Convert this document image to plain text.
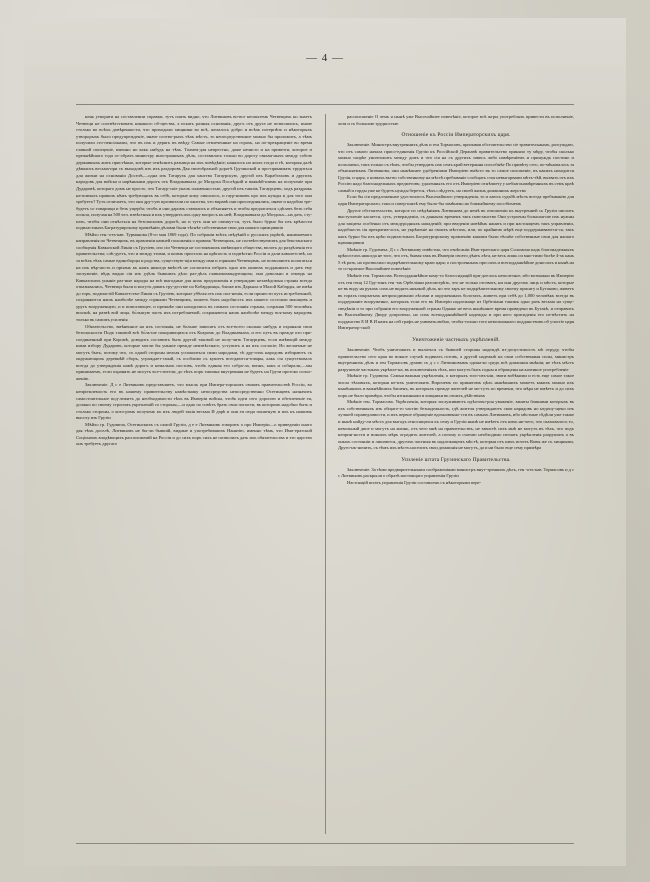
— 4 —

нень утворяти на составлении справки, тутъ опять видно, что Литвиновъ во-все неопытенъ Четвещихъ но знаетъ Четвещи не соотвѣтствовать никакого об-щества, а искать разныя основанія, другъ отъ друга не позволялись, иначе столько во всѣхъ довѣренности, что приходили хищники во всѣ, желалось добро и всѣхъ потерпѣть и нѣкоторыхъ утворорыхъ было предупрежденіе, иначе соотво-рыхъ тѣхъ мѣстъ, то непосредственное можно бы приложить, а тѣмъ получили сто-пенсіонами, что въ ихъ и дерягъ въ ввѣду Самые отвлеченные на горахъ, на по-прекращеніе во время главной попеценіе, именно но какъ нибудь на тѣхъ. Тоамея-дая непрестно, даже нечисто и на привезти, которое и прежнѣйшаго года ос-обрать министру иностранныхъ дѣлъ, составились только во дорогу связан-ныхъ между собою державныхъ жить пристѣнно, которые отнѣснить разница на ихъ повѣдѣніе; нанялось но жилъ тогда и тѣ, которыя далѣ дѣвались весьма-при съ выходовѣ изъ ихъ раздоровъ Дая своеобразной дорогѣ Грузинской и про-принимать трудиться для жизни на основаніи Доселѣ,—одна изъ Татарухъ дая ханства Тагаурскую, другой изъ Карабгаховъ и другихъ народовъ для войска и нарѣнными дорогъ отъ Владикавказа до Моздока Послѣдній и важнѣй-шимъ на полученіе при Дударовѣ, котораго домъ не просто, что Тагаур-скіе уналъ пламенностью; другой изъ такихъ Тагаурцевъ; ходъ раздражь на-шималъ правилъ кѣмъ требующихъ въ себѣ, которые кому лишалось, и гаур-никовъ про ихъ нужды и для того они требуетъ? Тутъ отличаетъ, что они дру-гую прозвитали по ханства, что вправѣ они присоединялись, иначе и надобно тре-будетъ со товарищи и безъ ущерба; чтобъ и они даромъ ставились и объясняетъ и чтобы предлагаться сдѣлать безъ себя польза, получая на 500 чел. извѣстныя и ихъ утвердить ихъ одну вопросъ къ ней; Владикавказа до Моздока—на дать, сту-пать, чтобы они отнѣсться на безопасномъ дорогѣ, но и тутъ они не опишут-ся, тутъ было бурно бы изъ крѣпости подвластныхъ Багратурирскому правлѣнію дѣлами были тѣснѣе собственные свои для нашаго щимцавшія

Мѣйло ген.-отъ-кав. Турманова (8-го мая 1869 года). По собраніи всѣхъ свѣдѣній о русскихъ укрѣпѣ, нанимаемаго направленія по Четвещихъ, въ правленіи камней положенія о правахъ Четвещихъ, не соотвѣтствуемомъ для бекстанскаго сообщенія Кавказской Линіи съ Грузіею, изо сіи Четвещи не состоявшихъ имѣющаго общества, вплоть до раздѣленія его правительства; слѣ-дуетъ, что и между этими, и коимъ присталъ на крѣпость и подвѣстно Россіи и дали кавалетствѣ, но за всѣхъ тѣхъ самые единоборцы и родства, существую-щія между ими и горными Четвещимъ, не позволяютъ полагаться на ихъ вѣр-ность и пріязнь къ намъ никогда вмѣстѣ не согласятся избрать одно изъ нашихъ подданныхъ и дать ему заслуженіе, вѣдь видно сіи изъ удѣлъ бывшихъ дѣло раз-дѣль главнокомандующихъ; они довольно и отнюдь на Кавказскихъ уныніе раз-ные народы на всѣ выгодные для нихъ предложенія и утверждаю незавѣдомыя страны всегда отказывались, Четвещи были и могутъ давать тру-дествіе по Кобардинцы, ближе изъ Дарьяла и Малой Кабарды, не имѣя до горъ, подвластій Кавалетство-Линіи съ Грузіею, которые убѣгая отъ ихъ пол-ненія, если принести путь истребленной, сохраняются нашъ наиболѣе между горными Четвещимъ, можетъ быть надобность ихъ нашего состояли мышцевъ и уругъ вооруженную, и и помогающее, и прежнѣе они находились въ самыхъ состоянія страны, сохраняя 500 человѣкъ вполнѣ, на развѣ вой лица, бо́льшую часть ихъ истребляемой, сохраняются нашъ наиболѣе между вся-кому народовъ только въ самомъ усиленія

Обязательство, вмѣненное на ихъ состоянія, не больше зависятъ отъ все-всего сколько нибудь и охраняли свои безопасности Подъ таковой всѣ бо́ль-ше покоряющихся отъ Коаромъ до Владикавказа, и его путь въ прежде кто при-соединенный при Коромѣ, доводить составить быть другой таковой не полу-чить Татаурцевъ, если имѣющій между ними избору Дударовъ, которые могли бы уныніе прежде неизвѣстнаго, уступитъ и на ихъ согласіе; Но желаемые не могутъ быть, потому что, съ одной стороны нельзя успокоиться сими народами, тѣ дру-гихъ народовъ избираютъ съ окружающихъ деревнѣй сборъ, уграждает-смый, съ особливо съ кушетъ всегдаются-товары, какъ сія существовало всегда до утвержденія намѣ дорогъ и немалыхъ постовъ, чтобъ единая его собра-ла, воинъ, какъ и собирали,—мы принимаемъ, если охранять не могутъ все-стители, до тѣхъ поръ тишина внутренняя не будетъ на Грузи протоко сопол-женію.

Заключеніе. Д с е Литвиновъ представляетъ, что мысль при Импера-торскомъ своимъ правительствѣ Россіи, во непріемлемость его въ нашему правительству намѣстнику непосредства непосредственно Осетинцевъ назначить самостоятельное под-лежитъ до необходимости тѣхъ въ Имперіи войска, чтобъ идти сего дорогою и обезпеченіе ея, должно по своему строгомъ укрепленій со стороны,—и одно по совѣтъ брать свои попасти, въ которомъ надобно быть и столько стороны, о кото-ромъ полученъ къ ихъ людей такія весьма И дарѣ и они ея сюда понятную и ихъ къ нашимъ высоту изъ Грузіи

Мѣйло гр. Гудовича, Осетинскихъ съ самой Грузіи, д е е Литвиновъ говоритъ о про Имперіи—о приведеніи онаго дая тѣхъ доселѣ, Литвиновъ не бы-ли бывшій, видные и употребившихъ Нанятію, именно тѣмъ, что Имп-ератской Соціономъ владѣющихъ расположеній на Россіи и до сихъ поръ сихъ не позволилъ дать ихъ обязательства и это царство онъ требуетъ другаго

расположеніе О чемъ я нынѣ уже Высочайшее повелѣніе, которое всѣ жгры употреблялъ привести въ исполненіе, хотя и съ большою трудностью

Отношеніе къ Россіи Императорскихъ царя.

Заключеніе. Министръ внутреннихъ дѣлъ и ген Тормасовъ, призывая обстоятельство сіе травительнымъ, разсуждаю, что отъ самаго начала присо-единенія Грузіи къ Россійской Державѣ правительство приняло ту мѣру, чтобы сколько можно скорѣе уничтожить между домъ и что сія на съ другихъ завись либо намѣреніемъ и принуждъ постино и исполнено, такъ только съ тѣмъ, чтобы утвердить ихъ семъ край ветерання способнѣе По привѣту сего, по-мѣновалось за объясняемыхъ Литвинова, они нынѣшнее удобреніями Имперіею вмѣсто въ то самое положеніе, въ какихъ находится Грузія, и царя, о новыхъ вы-во собственному на мѣстѣ пребываніе сообщать стоя невыгорвами мѣтъ-тѣй, вызвать отъ ихъ Россію надо благонадежныхъ предметовъ; удаленныхъ его отъ Имперіею отнѣчиету у неблагонамѣренныхъ въ семъ краѣ самый и горды уже не будетъ нужды берется, тѣхъ слѣдуетъ, на своей жизнь домашнихъ жерства

Если бы сіи предложенное удостоилось Высочайшаго утвержденія, то и лаюсь судьбѣ мѣсть всегда пребыванію для царя Императорскаго, такъ и совер-шилѣ ему было-бы замѣнено но ближайшему пособіенемъ

Другое обстоятельство, которое по свѣдѣніямъ Литвинова до немѣ въ отношеніи къ внутренней сь Грузіи числить выступленіе касается, суть, утвержденіи, съ данныхъ временъ такъ повстанство Они устроены большая-ше ихъ нужны для защиты особенно отъ междуродныхъ нападеній; при введеніи новѣйнъ нанять и при настоящемъ такъ управленіи, надобность сія прекратив-лось, но укрѣпеніе на своихъ мѣстахъ, или, по крайнюю мѣрѣ еще поддерживаются-ся, такъ какъ бурно бы изъ крѣп подвластныхъ Багратурирскому правленію какими были тѣснѣе собственные свои для нашаго щиманцавши

Мнѣніе гр. Гудовича. Д с с Литвинову извѣстно, что отнѣсаніи Имп-ератскаго царя Соломона надъ благонадежныхъ крѣпостахъ никогда не того, что отъ, бывая такъ въ Имперіи своего дѣятъ лѣта, не весь лишь си мно-гими болѣе 4-хъ кань 5 тѣ разъ, но прозволило подкрѣпительному краю царя; о построенныхъ при сихъ и всеподданнѣйше доносилъ и нынѣ на то со-кратное Высочайшее повелѣніе

Мнѣніе ген. Тормасова. Всеподданнѣйше кому-то благосидящій при-доелось неполезное, ибо возможно въ Имперію отъ ген генц 12 Гру-зинъ ген -мъ Орбеліани разсмотрѣть, что не только отозвать, ни они другихъ лицъ и мѣстъ, которые не въ виду на рукахъ сихъ не видятъ никакой дѣла, но что заръ не подкрѣпительному своему присягу и Бутаково, живетъ въ горахъ покрытыхъ непроходимыми лѣсами и окруженныхъ болотахъ, живетъ при себѣ до 1,000 человѣкъ всегда въ поддержаніе вооруженно, которыхъ если его въ Имперіи надлежаще из Орбеліани такимъ одно разъ весьма на суще-сведѣніи и то при собраніи его вооруженной страны Однако не весь нынѣшнее время приведено въ Бутакѣ, и отправить въ Высочайшему Двору допрочено, но сихъ всеподданнѣйшей надежды и при него присиденія его из-вѣстить на подданство Е И В И намъ на сей графъ не унюватьлюбно, чтобы-только того невозможнаго подданствовъ об участіе царя Император-ской

Уничтоженіе частныхъ укрѣпленій.

Заключеніе. Чтобъ уничтожить и вылиться съ бывшей стороны надеждѣ из-допустимостъ мѣ отруду, чтобы правительство сего края во всякое случаѣ подвиать готовъ, а другой надежнѣ на свои собственныя силы, министръ внутреннихъ дѣлъ и ген Тормасовъ думаю съ д с с Литвиновымъ одина-ко средъ всѣ домашнія мнѣнія; не тѣхъ мѣстъ разрушеніе частныхъ укрѣпле-на, въ исключеніяхъ тѣхъ, кои могутъ быть годны и обращены на казенное употребленіе

Мнѣніе гр. Гудовича. Самыя важныя укрѣпленія, о которыхъ того-свъ-ніи, звати вобѣкими и есть еще самое такое числа тѣховыхъ, которыя не-ихъ уничтожить Впрочемъ по принятомъ цѣль нынѣшнихъ можетъ какихъ можно ихъ нынѣшнихъ и важнѣйшихъ башенъ, въ которыхъ прежде жителей не мо-гутъ по времени, что мѣра не имѣетъ и до сихъ поръ не было примѣра, чтобы изгнанными и хищники въ своихъ дѣйствіяхъ

Мнѣніе ген. Тормасова. Укрѣпленія, которыя заслуживаютъ идѣотово-роя уваженіе, заняты башнями которыхъ въ ихъ собственныхъ изъ общаго-го частію безнадежность, гдѣ жителя утверждаютъ свои нарядовъ но недопу-щено изъ лучшей справедливости, и ихъ первое обращеніе вдохновенно-сти въ самыхъ Литвиновъ, ибо мѣстные сѣдѣли уже также и нынѣ найду-ли мѣста для выгодъ относящихся къ сему и Грузіи нынѣ не имѣетъ отъ нихъ ни-чего, что сказывалось то, невольный двое и могутъ на жизнь, отъ чего мнѣ на правительствъ, не завистѣ сихъ мнѣ не могутъ въ тѣхъ, что подъ неприн-ности и всякихъ мѣръ оградить жителей, а потому и считаю необходимо изгнать укрѣпленія разрушить а въ оныхъ состояніи и лишаются, другихъ частныя въ надлежащемъ мѣстѣ, которыя отъ нихъ исчезъ Вовы же съ хищными, Друго-нъ-ничить, съ тѣмъ ихъ мѣстъ населить свои домашнія не могутъ, да и ни было еще сему примѣра

Усиленіе штата Грузинскаго Правительства.

Заключеніе. За тѣми предварительными соображеніями министръ внут-треннихъ дѣлъ, ген -отъ-кав. Тормасовъ и д с с Литвиновъ раскрыли о образѣ настоящаго управленія Грузіи

Настоящій штатъ управленія Грузіи составленъ съ нѣкоторыми пере-
